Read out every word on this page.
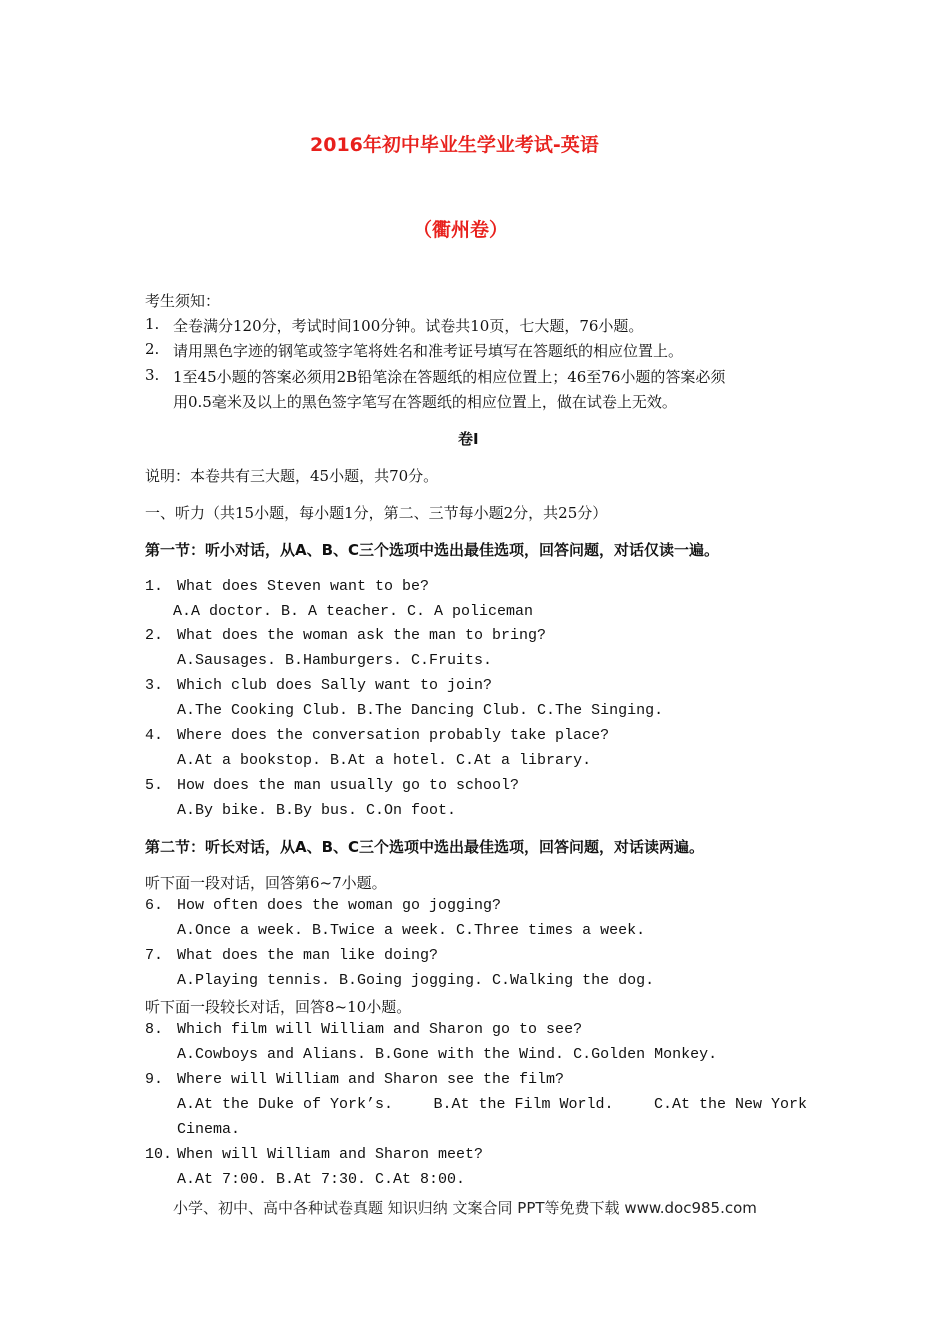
2016年初中毕业生学业考试-英语
（衢州卷）
考生须知：
1. 全卷满分120分，考试时间100分钟。试卷共10页，七大题，76小题。
2. 请用黑色字迹的钢笔或签字笔将姓名和准考证号填写在答题纸的相应位置上。
3. 1至45小题的答案必须用2B铅笔涂在答题纸的相应位置上；46至76小题的答案必须
用0.5毫米及以上的黑色签字笔写在答题纸的相应位置上，做在试卷上无效。
卷Ⅰ
说明：本卷共有三大题，45小题，共70分。
一、听力（共15小题，每小题1分，第二、三节每小题2分，共25分）
第一节：听小对话，从A、B、C三个选项中选出最佳选项，回答问题，对话仅读一遍。
1. What does Steven want to be?
A.A doctor. B. A teacher. C. A policeman
2. What does the woman ask the man to bring?
A.Sausages. B.Hamburgers. C.Fruits.
3. Which club does Sally want to join?
A.The Cooking Club. B.The Dancing Club. C.The Singing.
4. Where does the conversation probably take place?
A.At a bookstop. B.At a hotel. C.At a library.
5. How does the man usually go to school?
A.By bike. B.By bus. C.On foot.
第二节：听长对话，从A、B、C三个选项中选出最佳选项，回答问题，对话读两遍。
听下面一段对话，回答第6~7小题。
6. How often does the woman go jogging?
A.Once a week. B.Twice a week. C.Three times a week.
7. What does the man like doing?
A.Playing tennis. B.Going jogging. C.Walking the dog.
听下面一段较长对话，回答8~10小题。
8. Which film will William and Sharon go to see?
A.Cowboys and Alians. B.Gone with the Wind. C.Golden Monkey.
9. Where will William and Sharon see the film?
A.At the Duke of York’s.	B.At the Film World.	C.At the New York
Cinema.
10. When will William and Sharon meet?
A.At 7:00. B.At 7:30. C.At 8:00.
小学、初中、高中各种试卷真题 知识归纳 文案合同 PPT等免费下载 www.doc985.com
